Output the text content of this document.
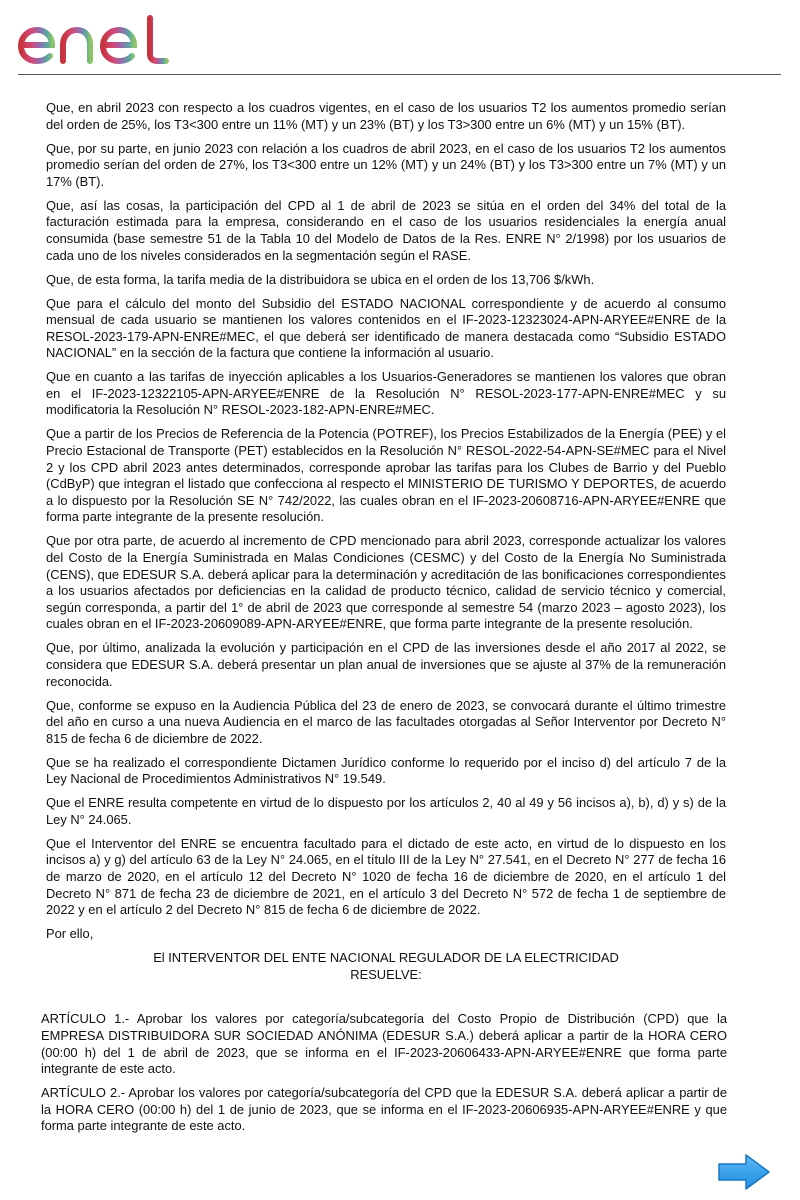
Que, en abril 2023 con respecto a los cuadros vigentes, en el caso de los usuarios T2 los aumentos promedio serían del orden de 25%, los T3<300 entre un 11% (MT) y un 23% (BT) y los T3>300 entre un 6% (MT) y un 15% (BT).

Que, por su parte, en junio 2023 con relación a los cuadros de abril 2023, en el caso de los usuarios T2 los aumentos promedio serían del orden de 27%, los T3<300 entre un 12% (MT) y un 24% (BT) y los T3>300 entre un 7% (MT) y un 17% (BT).

Que, así las cosas, la participación del CPD al 1 de abril de 2023 se sitúa en el orden del 34% del total de la facturación estimada para la empresa, considerando en el caso de los usuarios residenciales la energía anual consumida (base semestre 51 de la Tabla 10 del Modelo de Datos de la Res. ENRE N° 2/1998) por los usuarios de cada uno de los niveles considerados en la segmentación según el RASE.

Que, de esta forma, la tarifa media de la distribuidora se ubica en el orden de los 13,706 $/kWh.

Que para el cálculo del monto del Subsidio del ESTADO NACIONAL correspondiente y de acuerdo al consumo mensual de cada usuario se mantienen los valores contenidos en el IF-2023-12323024-APN-ARYEE#ENRE de la RESOL-2023-179-APN-ENRE#MEC, el que deberá ser identificado de manera destacada como “Subsidio ESTADO NACIONAL” en la sección de la factura que contiene la información al usuario.

Que en cuanto a las tarifas de inyección aplicables a los Usuarios-Generadores se mantienen los valores que obran en el IF-2023-12322105-APN-ARYEE#ENRE de la Resolución N° RESOL-2023-177-APN-ENRE#MEC y su modificatoria la Resolución N° RESOL-2023-182-APN-ENRE#MEC.

Que a partir de los Precios de Referencia de la Potencia (POTREF), los Precios Estabilizados de la Energía (PEE) y el Precio Estacional de Transporte (PET) establecidos en la Resolución N° RESOL-2022-54-APN-SE#MEC para el Nivel 2 y los CPD abril 2023 antes determinados, corresponde aprobar las tarifas para los Clubes de Barrio y del Pueblo (CdByP) que integran el listado que confecciona al respecto el MINISTERIO DE TURISMO Y DEPORTES, de acuerdo a lo dispuesto por la Resolución SE N° 742/2022, las cuales obran en el IF-2023-20608716-APN-ARYEE#ENRE que forma parte integrante de la presente resolución.

Que por otra parte, de acuerdo al incremento de CPD mencionado para abril 2023, corresponde actualizar los valores del Costo de la Energía Suministrada en Malas Condiciones (CESMC) y del Costo de la Energía No Suministrada (CENS), que EDESUR S.A. deberá aplicar para la determinación y acreditación de las bonificaciones correspondientes a los usuarios afectados por deficiencias en la calidad de producto técnico, calidad de servicio técnico y comercial, según corresponda, a partir del 1° de abril de 2023 que corresponde al semestre 54 (marzo 2023 – agosto 2023), los cuales obran en el IF-2023-20609089-APN-ARYEE#ENRE, que forma parte integrante de la presente resolución.

Que, por último, analizada la evolución y participación en el CPD de las inversiones desde el año 2017 al 2022, se considera que EDESUR S.A. deberá presentar un plan anual de inversiones que se ajuste al 37% de la remuneración reconocida.

Que, conforme se expuso en la Audiencia Pública del 23 de enero de 2023, se convocará durante el último trimestre del año en curso a una nueva Audiencia en el marco de las facultades otorgadas al Señor Interventor por Decreto N° 815 de fecha 6 de diciembre de 2022.

Que se ha realizado el correspondiente Dictamen Jurídico conforme lo requerido por el inciso d) del artículo 7 de la Ley Nacional de Procedimientos Administrativos N° 19.549.

Que el ENRE resulta competente en virtud de lo dispuesto por los artículos 2, 40 al 49 y 56 incisos a), b), d) y s) de la Ley N° 24.065.

Que el Interventor del ENRE se encuentra facultado para el dictado de este acto, en virtud de lo dispuesto en los incisos a) y g) del artículo 63 de la Ley N° 24.065, en el título III de la Ley N° 27.541, en el Decreto N° 277 de fecha 16 de marzo de 2020, en el artículo 12 del Decreto N° 1020 de fecha 16 de diciembre de 2020, en el artículo 1 del Decreto N° 871 de fecha 23 de diciembre de 2021, en el artículo 3 del Decreto N° 572 de fecha 1 de septiembre de 2022 y en el artículo 2 del Decreto N° 815 de fecha 6 de diciembre de 2022.

Por ello,

El INTERVENTOR DEL ENTE NACIONAL REGULADOR DE LA ELECTRICIDAD

RESUELVE:

ARTÍCULO 1.- Aprobar los valores por categoría/subcategoría del Costo Propio de Distribución (CPD) que la EMPRESA DISTRIBUIDORA SUR SOCIEDAD ANÓNIMA (EDESUR S.A.) deberá aplicar a partir de la HORA CERO (00:00 h) del 1 de abril de 2023, que se informa en el IF-2023-20606433-APN-ARYEE#ENRE que forma parte integrante de este acto.

ARTÍCULO 2.- Aprobar los valores por categoría/subcategoría del CPD que la EDESUR S.A. deberá aplicar a partir de la HORA CERO (00:00 h) del 1 de junio de 2023, que se informa en el IF-2023-20606935-APN-ARYEE#ENRE y que forma parte integrante de este acto.
